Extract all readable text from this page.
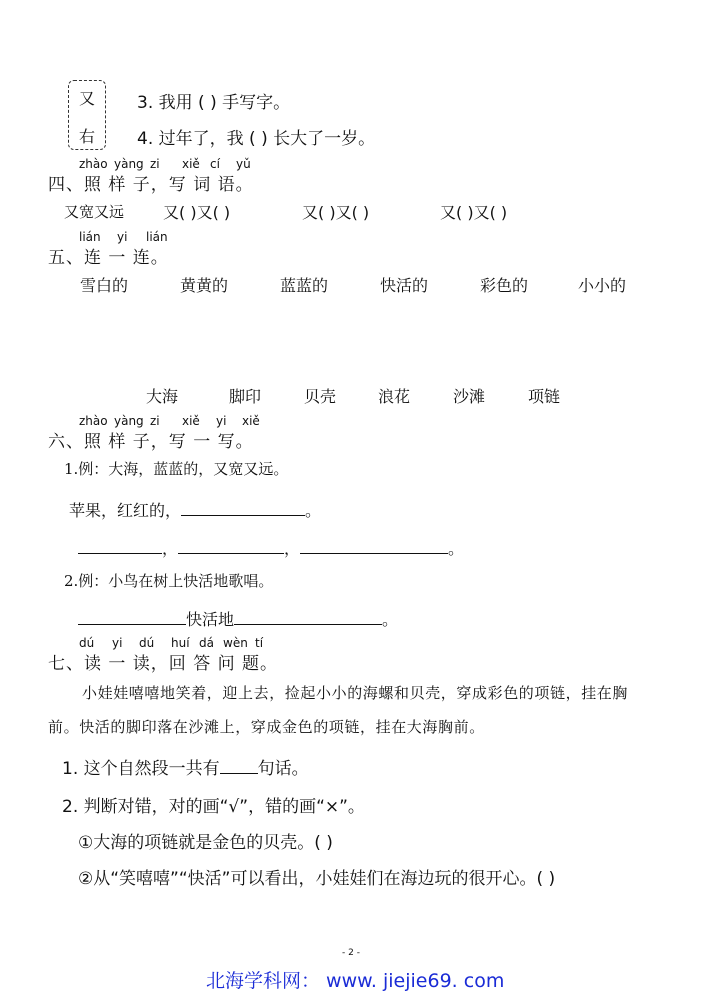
又
右
3. 我用 ( ) 手写字。
4. 过年了，我 ( ) 长大了一岁。
zhào yàng zi xiě cí yǔ
四、照 样 子，写 词 语。
又宽又远 又( )又( )	又( )又( )	又( )又( )
lián yi lián
五、连 一 连。
雪白的	黄黄的	蓝蓝的	快活的	彩色的	小小的
大海	脚印	贝壳	浪花	沙滩	项链
zhào yàng zi xiě yi xiě
六、照 样 子，写 一 写。
1.例：大海，蓝蓝的，又宽又远。
苹果，红红的，	。
，	，	。
2.例：小鸟在树上快活地歌唱。
快活地	。
dú yi dú huí dá wèn tí
七、读 一 读，回 答 问 题。
小娃娃嘻嘻地笑着，迎上去，捡起小小的海螺和贝壳，穿成彩色的项链，挂在胸
前。快活的脚印落在沙滩上，穿成金色的项链，挂在大海胸前。
1. 这个自然段一共有 句话。
2. 判断对错，对的画“√”，错的画“×”。
①大海的项链就是金色的贝壳。( )
②从“笑嘻嘻”“快活”可以看出，小娃娃们在海边玩的很开心。( )
- 2 -
北海学科网： www. jiejie69. com
